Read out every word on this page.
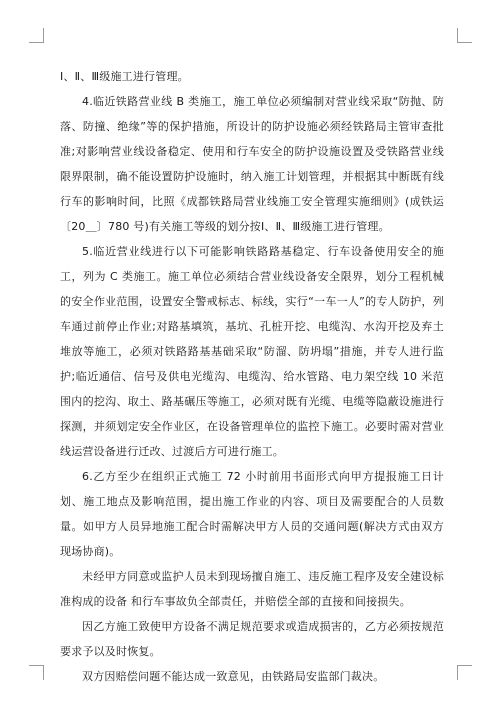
Ⅰ、Ⅱ、Ⅲ级施工进行管理。

4.临近铁路营业线 B 类施工，施工单位必须编制对营业线采取“防抛、防落、防撞、绝缘”等的保护措施，所设计的防护设施必须经铁路局主管审查批准;对影响营业线设备稳定、使用和行车安全的防护设施设置及受铁路营业线限界限制，确不能设置防护设施时，纳入施工计划管理，并根据其中断既有线行车的影响时间，比照《成都铁路局营业线施工安全管理实施细则》(成铁运〔20＿〕780 号)有关施工等级的划分按Ⅰ、Ⅱ、Ⅲ级施工进行管理。

5.临近营业线进行以下可能影响铁路路基稳定、行车设备使用安全的施工，列为 C 类施工。施工单位必须结合营业线设备安全限界，划分工程机械的安全作业范围，设置安全警戒标志、标线，实行“一车一人”的专人防护，列车通过前停止作业;对路基填筑，基坑、孔桩开挖、电缆沟、水沟开挖及弃土堆放等施工，必须对铁路路基基础采取“防溜、防坍塌”措施，并专人进行监护;临近通信、信号及供电光缆沟、电缆沟、给水管路、电力架空线 10 米范围内的挖沟、取土、路基碾压等施工，必须对既有光缆、电缆等隐蔽设施进行探测，并须划定安全作业区，在设备管理单位的监控下施工。必要时需对营业线运营设备进行迁改、过渡后方可进行施工。

6.乙方至少在组织正式施工 72 小时前用书面形式向甲方提报施工日计划、施工地点及影响范围，提出施工作业的内容、项目及需要配合的人员数量。如甲方人员异地施工配合时需解决甲方人员的交通问题(解决方式由双方现场协商)。

未经甲方同意或监护人员未到现场擅自施工、违反施工程序及安全建设标准构成的设备 和行车事故负全部责任，并赔偿全部的直接和间接损失。

因乙方施工致使甲方设备不满足规范要求或造成损害的，乙方必须按规范要求予以及时恢复。

双方因赔偿问题不能达成一致意见，由铁路局安监部门裁决。
